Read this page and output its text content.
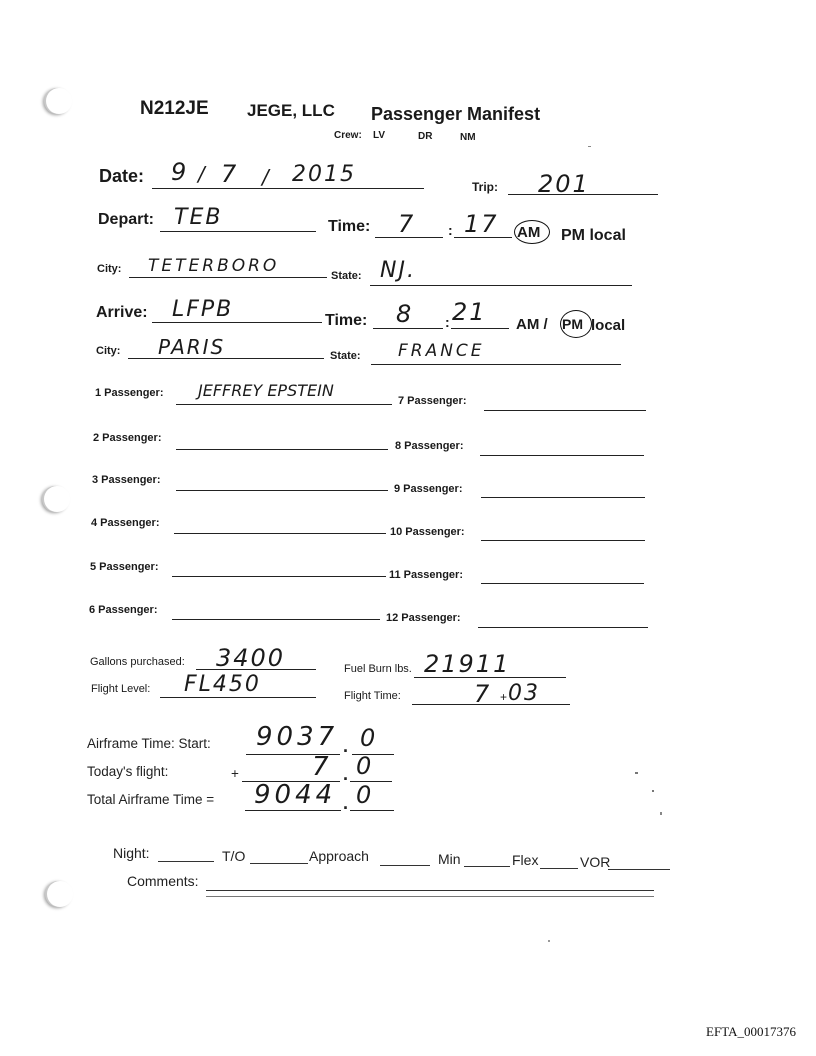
N212JE JEGE, LLC Passenger Manifest
Crew: LV	DR	NM
Date: 9 / 7 / 2015	Trip: 201
Depart: TEB	Time: 7 : 17 AM PM local
City: TETERBORO	State: NJ.
Arrive: LFPB	Time: 8 : 21 AM / PM local
City: PARIS	State: FRANCE
1 Passenger: JEFFREY EPSTEIN
2 Passenger:
3 Passenger:
4 Passenger:
5 Passenger:
6 Passenger:
7 Passenger:
8 Passenger:
9 Passenger:
10 Passenger:
11 Passenger:
12 Passenger:
Gallons purchased: 3400	Fuel Burn lbs. 21911
Flight Level: FL450	Flight Time:	7 + 03
Airframe Time: Start: 9037 . 0
Today's flight:	+	7 . 0
Total Airframe Time = 9044 . 0
Night:	T/O	Approach	Min	Flex	VOR
Comments:
EFTA_00017376
